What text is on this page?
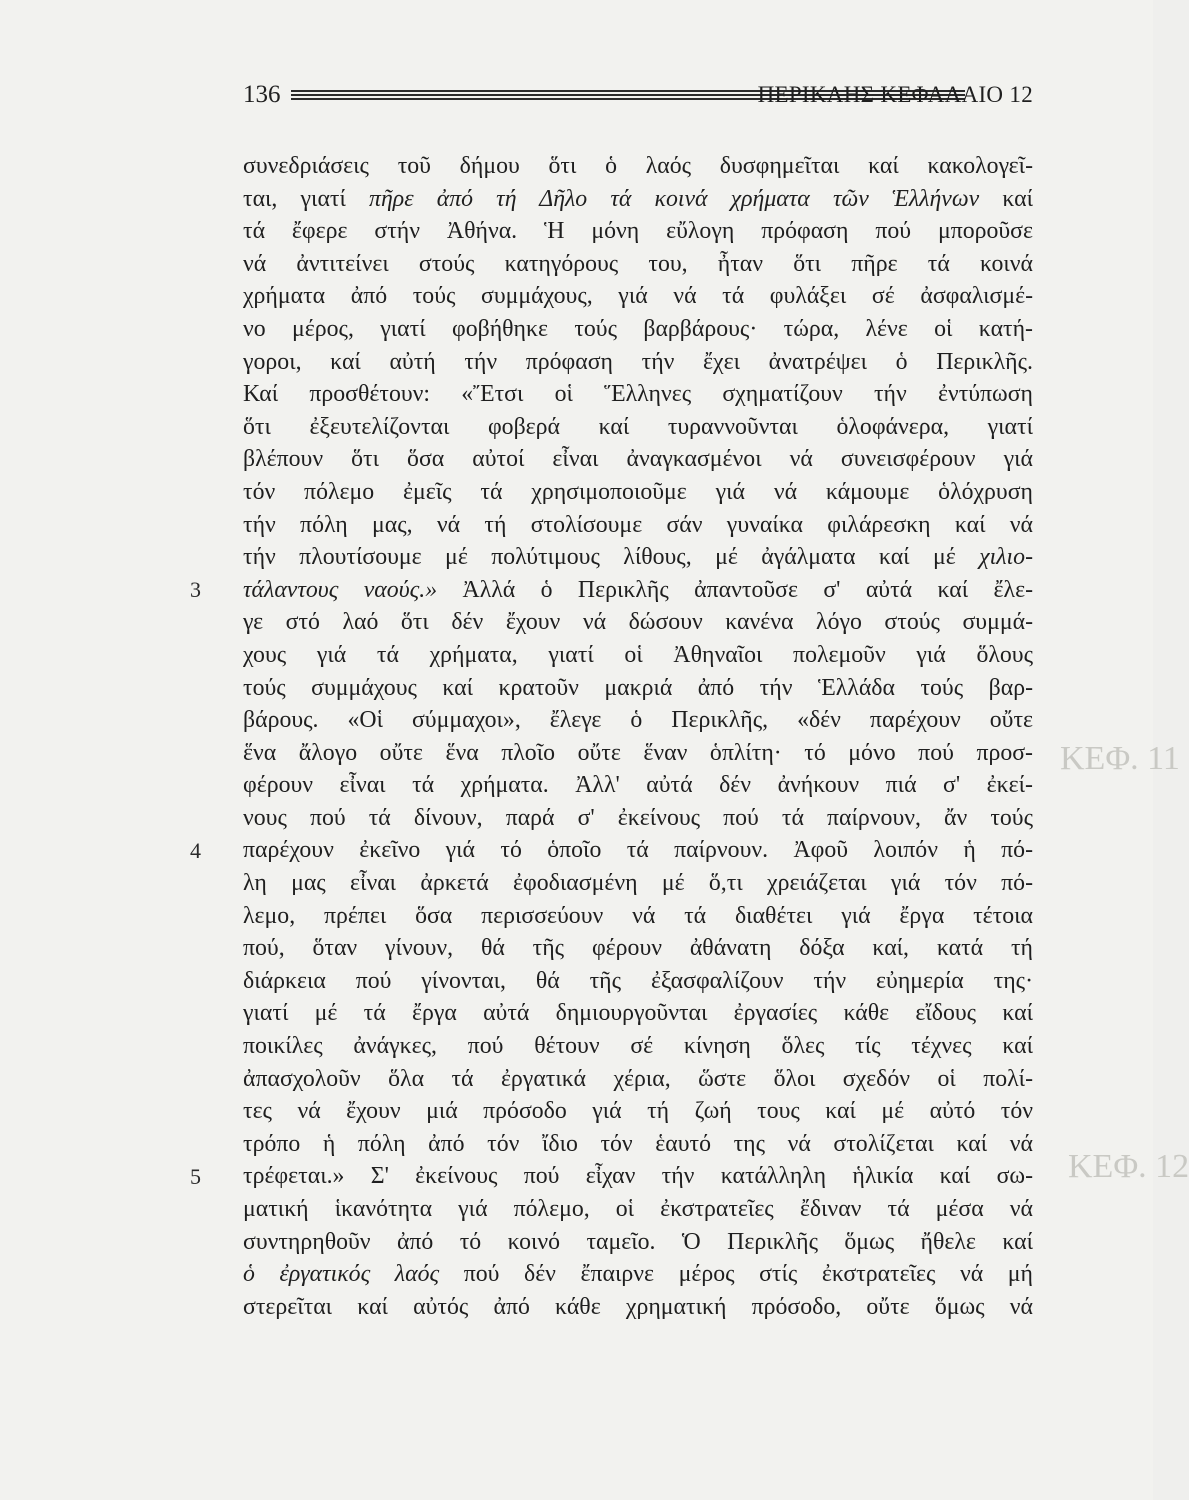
136	ΠΕΡΙΚΛΗΣ ΚΕΦΑΛΑΙΟ 12
ΚΕΦ. 11
ΚΕΦ. 12
3
4
5
συνεδριάσεις τοῦ δήμου ὅτι ὁ λαός δυσφημεῖται καί κακολογεῖ-
ται, γιατί πῆρε ἀπό τή Δῆλο τά κοινά χρήματα τῶν Ἑλλήνων καί
τά ἔφερε στήν Ἀθήνα. Ἡ μόνη εὔλογη πρόφαση πού μποροῦσε
νά ἀντιτείνει στούς κατηγόρους του, ἦταν ὅτι πῆρε τά κοινά
χρήματα ἀπό τούς συμμάχους, γιά νά τά φυλάξει σέ ἀσφαλισμέ-
νο μέρος, γιατί φοβήθηκε τούς βαρβάρους· τώρα, λένε οἱ κατή-
γοροι, καί αὐτή τήν πρόφαση τήν ἔχει ἀνατρέψει ὁ Περικλῆς.
Καί προσθέτουν: «Ἔτσι οἱ Ἕλληνες σχηματίζουν τήν ἐντύπωση
ὅτι ἐξευτελίζονται φοβερά καί τυραννοῦνται ὁλοφάνερα, γιατί
βλέπουν ὅτι ὅσα αὐτοί εἶναι ἀναγκασμένοι νά συνεισφέρουν γιά
τόν πόλεμο ἐμεῖς τά χρησιμοποιοῦμε γιά νά κάμουμε ὁλόχρυση
τήν πόλη μας, νά τή στολίσουμε σάν γυναίκα φιλάρεσκη καί νά
τήν πλουτίσουμε μέ πολύτιμους λίθους, μέ ἀγάλματα καί μέ χιλιο-
τάλαντους ναούς.» Ἀλλά ὁ Περικλῆς ἀπαντοῦσε σ' αὐτά καί ἔλε-
γε στό λαό ὅτι δέν ἔχουν νά δώσουν κανένα λόγο στούς συμμά-
χους γιά τά χρήματα, γιατί οἱ Ἀθηναῖοι πολεμοῦν γιά ὅλους
τούς συμμάχους καί κρατοῦν μακριά ἀπό τήν Ἑλλάδα τούς βαρ-
βάρους. «Οἱ σύμμαχοι», ἔλεγε ὁ Περικλῆς, «δέν παρέχουν οὔτε
ἕνα ἄλογο οὔτε ἕνα πλοῖο οὔτε ἕναν ὁπλίτη· τό μόνο πού προσ-
φέρουν εἶναι τά χρήματα. Ἀλλ' αὐτά δέν ἀνήκουν πιά σ' ἐκεί-
νους πού τά δίνουν, παρά σ' ἐκείνους πού τά παίρνουν, ἄν τούς
παρέχουν ἐκεῖνο γιά τό ὁποῖο τά παίρνουν. Ἀφοῦ λοιπόν ἡ πό-
λη μας εἶναι ἀρκετά ἐφοδιασμένη μέ ὅ,τι χρειάζεται γιά τόν πό-
λεμο, πρέπει ὅσα περισσεύουν νά τά διαθέτει γιά ἔργα τέτοια
πού, ὅταν γίνουν, θά τῆς φέρουν ἀθάνατη δόξα καί, κατά τή
διάρκεια πού γίνονται, θά τῆς ἐξασφαλίζουν τήν εὐημερία της·
γιατί μέ τά ἔργα αὐτά δημιουργοῦνται ἐργασίες κάθε εἴδους καί
ποικίλες ἀνάγκες, πού θέτουν σέ κίνηση ὅλες τίς τέχνες καί
ἀπασχολοῦν ὅλα τά ἐργατικά χέρια, ὥστε ὅλοι σχεδόν οἱ πολί-
τες νά ἔχουν μιά πρόσοδο γιά τή ζωή τους καί μέ αὐτό τόν
τρόπο ἡ πόλη ἀπό τόν ἴδιο τόν ἑαυτό της νά στολίζεται καί νά
τρέφεται.» Σ' ἐκείνους πού εἶχαν τήν κατάλληλη ἡλικία καί σω-
ματική ἱκανότητα γιά πόλεμο, οἱ ἐκστρατεῖες ἔδιναν τά μέσα νά
συντηρηθοῦν ἀπό τό κοινό ταμεῖο. Ὁ Περικλῆς ὅμως ἤθελε καί
ὁ ἐργατικός λαός πού δέν ἔπαιρνε μέρος στίς ἐκστρατεῖες νά μή
στερεῖται καί αὐτός ἀπό κάθε χρηματική πρόσοδο, οὔτε ὅμως νά
